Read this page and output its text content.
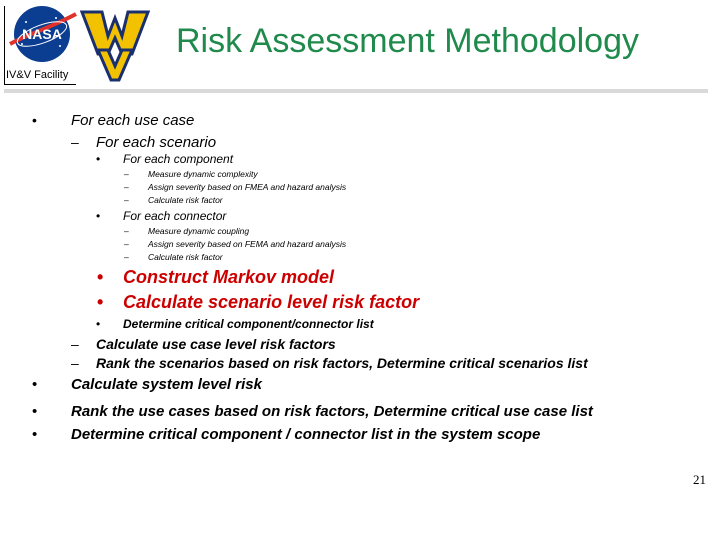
NASA	Risk Assessment Methodology
IV&V Facility
• For each use case
– For each scenario
• For each component
– Measure dynamic complexity
– Assign severity based on FMEA and hazard analysis
– Calculate risk factor
• For each connector
– Measure dynamic coupling
– Assign severity based on FEMA and hazard analysis
– Calculate risk factor
• Construct Markov model
• Calculate scenario level risk factor
• Determine critical component/connector list
– Calculate use case level risk factors
– Rank the scenarios based on risk factors, Determine critical scenarios list
• Calculate system level risk
• Rank the use cases based on risk factors, Determine critical use case list
• Determine critical component / connector list in the system scope
21
